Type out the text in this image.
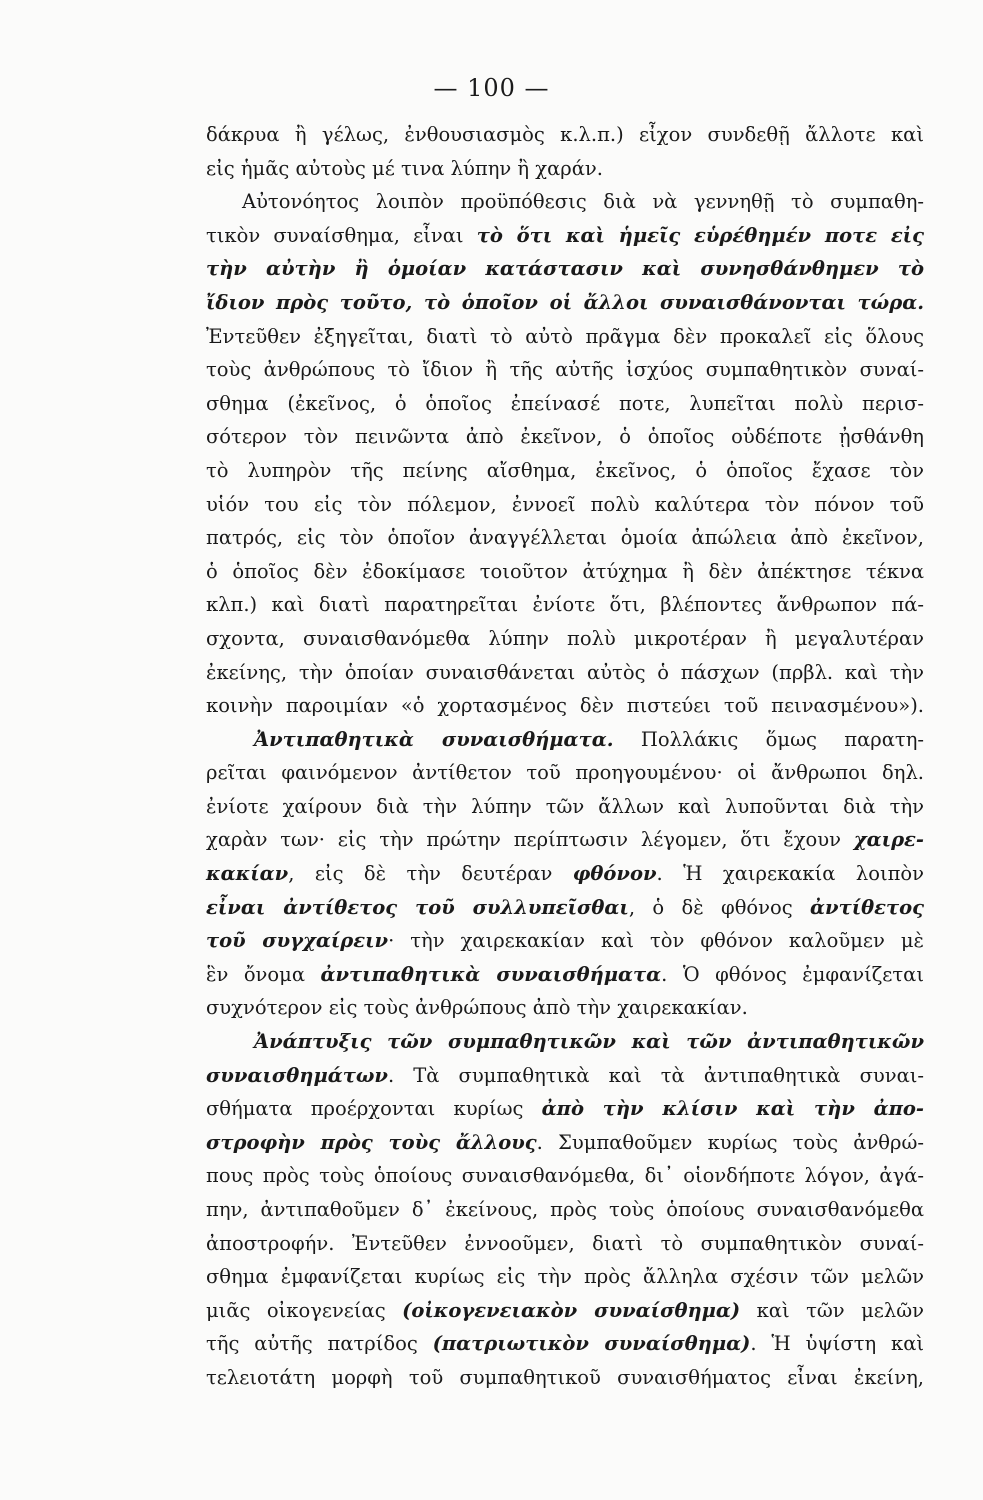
— 100 —
δάκρυα ἢ γέλως, ἐνθουσιασμὸς κ.λ.π.) εἶχον συνδεθῇ ἄλλοτε καὶ
εἰς ἡμᾶς αὐτοὺς μέ τινα λύπην ἢ χαράν.
Αὐτονόητος λοιπὸν προϋπόθεσις διὰ νὰ γεννηθῇ τὸ συμπαθη-
τικὸν συναίσθημα, εἶναι τὸ ὅτι καὶ ἡμεῖς εὑρέθημέν ποτε εἰς
τὴν αὐτὴν ἢ ὁμοίαν κατάστασιν καὶ συνησθάνθημεν τὸ
ἴδιον πρὸς τοῦτο, τὸ ὁποῖον οἱ ἄλλοι συναισθάνονται τώρα.
Ἐντεῦθεν ἐξηγεῖται, διατὶ τὸ αὐτὸ πρᾶγμα δὲν προκαλεῖ εἰς ὅλους
τοὺς ἀνθρώπους τὸ ἴδιον ἢ τῆς αὐτῆς ἰσχύος συμπαθητικὸν συναί-
σθημα (ἐκεῖνος, ὁ ὁποῖος ἐπείνασέ ποτε, λυπεῖται πολὺ περισ-
σότερον τὸν πεινῶντα ἀπὸ ἐκεῖνον, ὁ ὁποῖος οὐδέποτε ᾐσθάνθη
τὸ λυπηρὸν τῆς πείνης αἴσθημα, ἐκεῖνος, ὁ ὁποῖος ἔχασε τὸν
υἱόν του εἰς τὸν πόλεμον, ἐννοεῖ πολὺ καλύτερα τὸν πόνον τοῦ
πατρός, εἰς τὸν ὁποῖον ἀναγγέλλεται ὁμοία ἀπώλεια ἀπὸ ἐκεῖνον,
ὁ ὁποῖος δὲν ἐδοκίμασε τοιοῦτον ἀτύχημα ἢ δὲν ἀπέκτησε τέκνα
κλπ.) καὶ διατὶ παρατηρεῖται ἐνίοτε ὅτι, βλέποντες ἄνθρωπον πά-
σχοντα, συναισθανόμεθα λύπην πολὺ μικροτέραν ἢ μεγαλυτέραν
ἐκείνης, τὴν ὁποίαν συναισθάνεται αὐτὸς ὁ πάσχων (πρβλ. καὶ τὴν
κοινὴν παροιμίαν «ὁ χορτασμένος δὲν πιστεύει τοῦ πεινασμένου»).
Ἀντιπαθητικὰ συναισθήματα. Πολλάκις ὅμως παρατη-
ρεῖται φαινόμενον ἀντίθετον τοῦ προηγουμένου· οἱ ἄνθρωποι δηλ.
ἐνίοτε χαίρουν διὰ τὴν λύπην τῶν ἄλλων καὶ λυποῦνται διὰ τὴν
χαρὰν των· εἰς τὴν πρώτην περίπτωσιν λέγομεν, ὅτι ἔχουν χαιρε-
κακίαν, εἰς δὲ τὴν δευτέραν φθόνον. Ἡ χαιρεκακία λοιπὸν
εἶναι ἀντίθετος τοῦ συλλυπεῖσθαι, ὁ δὲ φθόνος ἀντίθετος
τοῦ συγχαίρειν· τὴν χαιρεκακίαν καὶ τὸν φθόνον καλοῦμεν μὲ
ἓν ὄνομα ἀντιπαθητικὰ συναισθήματα. Ὁ φθόνος ἐμφανίζεται
συχνότερον εἰς τοὺς ἀνθρώπους ἀπὸ τὴν χαιρεκακίαν.
Ἀνάπτυξις τῶν συμπαθητικῶν καὶ τῶν ἀντιπαθητικῶν
συναισθημάτων. Τὰ συμπαθητικὰ καὶ τὰ ἀντιπαθητικὰ συναι-
σθήματα προέρχονται κυρίως ἀπὸ τὴν κλίσιν καὶ τὴν ἀπο-
στροφὴν πρὸς τοὺς ἄλλους. Συμπαθοῦμεν κυρίως τοὺς ἀνθρώ-
πους πρὸς τοὺς ὁποίους συναισθανόμεθα, δι᾿ οἱονδήποτε λόγον, ἀγά-
πην, ἀντιπαθοῦμεν δ᾿ ἐκείνους, πρὸς τοὺς ὁποίους συναισθανόμεθα
ἀποστροφήν. Ἐντεῦθεν ἐννοοῦμεν, διατὶ τὸ συμπαθητικὸν συναί-
σθημα ἐμφανίζεται κυρίως εἰς τὴν πρὸς ἄλληλα σχέσιν τῶν μελῶν
μιᾶς οἰκογενείας (οἰκογενειακὸν συναίσθημα) καὶ τῶν μελῶν
τῆς αὐτῆς πατρίδος (πατριωτικὸν συναίσθημα). Ἡ ὑψίστη καὶ
τελειοτάτη μορφὴ τοῦ συμπαθητικοῦ συναισθήματος εἶναι ἐκείνη,
